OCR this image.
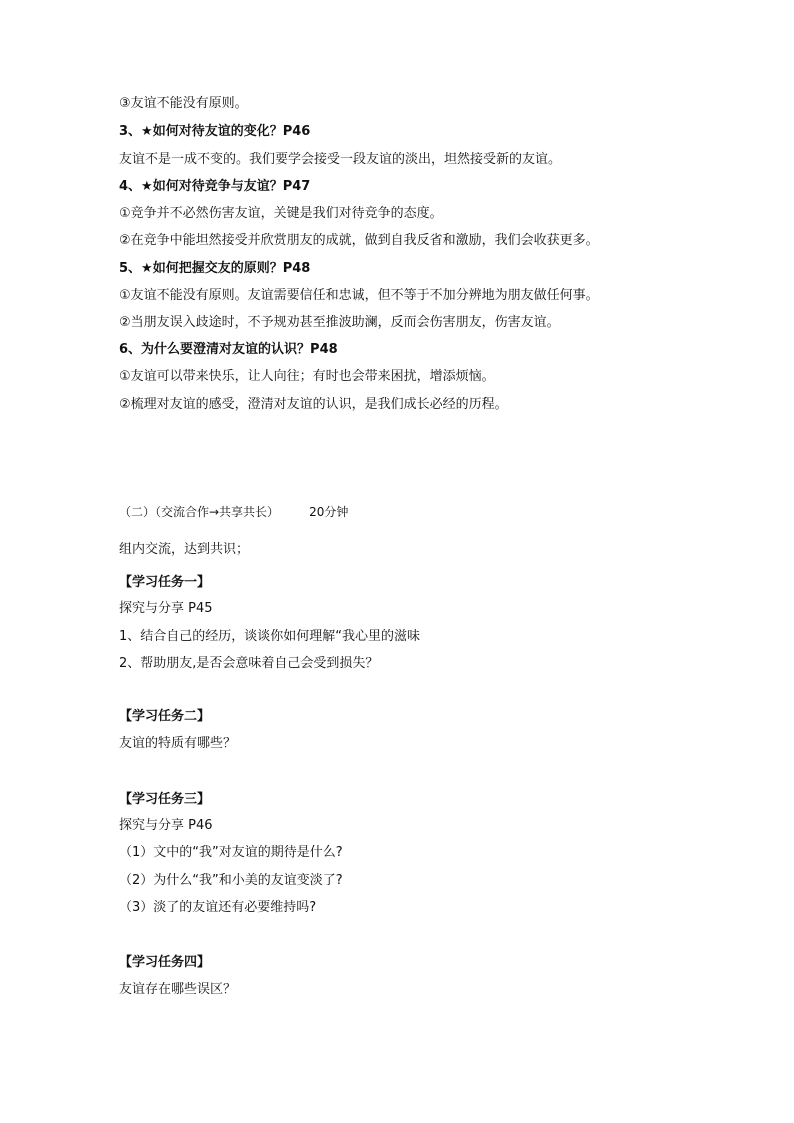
③友谊不能没有原则。
3、★如何对待友谊的变化？P46
友谊不是一成不变的。我们要学会接受一段友谊的淡出，坦然接受新的友谊。
4、★如何对待竞争与友谊？P47
①竞争并不必然伤害友谊，关键是我们对待竞争的态度。
②在竞争中能坦然接受并欣赏朋友的成就，做到自我反省和激励，我们会收获更多。
5、★如何把握交友的原则？P48
①友谊不能没有原则。友谊需要信任和忠诚，但不等于不加分辨地为朋友做任何事。
②当朋友误入歧途时，不予规劝甚至推波助澜，反而会伤害朋友，伤害友谊。
6、为什么要澄清对友谊的认识？P48
①友谊可以带来快乐，让人向往；有时也会带来困扰，增添烦恼。
②梳理对友谊的感受，澄清对友谊的认识，是我们成长必经的历程。
（二）（交流合作→共享共长）	20分钟
组内交流，达到共识；
【学习任务一】
探究与分享 P45
1、结合自己的经历，谈谈你如何理解“我心里的滋味
2、帮助朋友,是否会意味着自己会受到损失？
【学习任务二】
友谊的特质有哪些？
【学习任务三】
探究与分享 P46
（1）文中的“我”对友谊的期待是什么?
（2）为什么“我”和小美的友谊变淡了?
（3）淡了的友谊还有必要维持吗?
【学习任务四】
友谊存在哪些误区？
